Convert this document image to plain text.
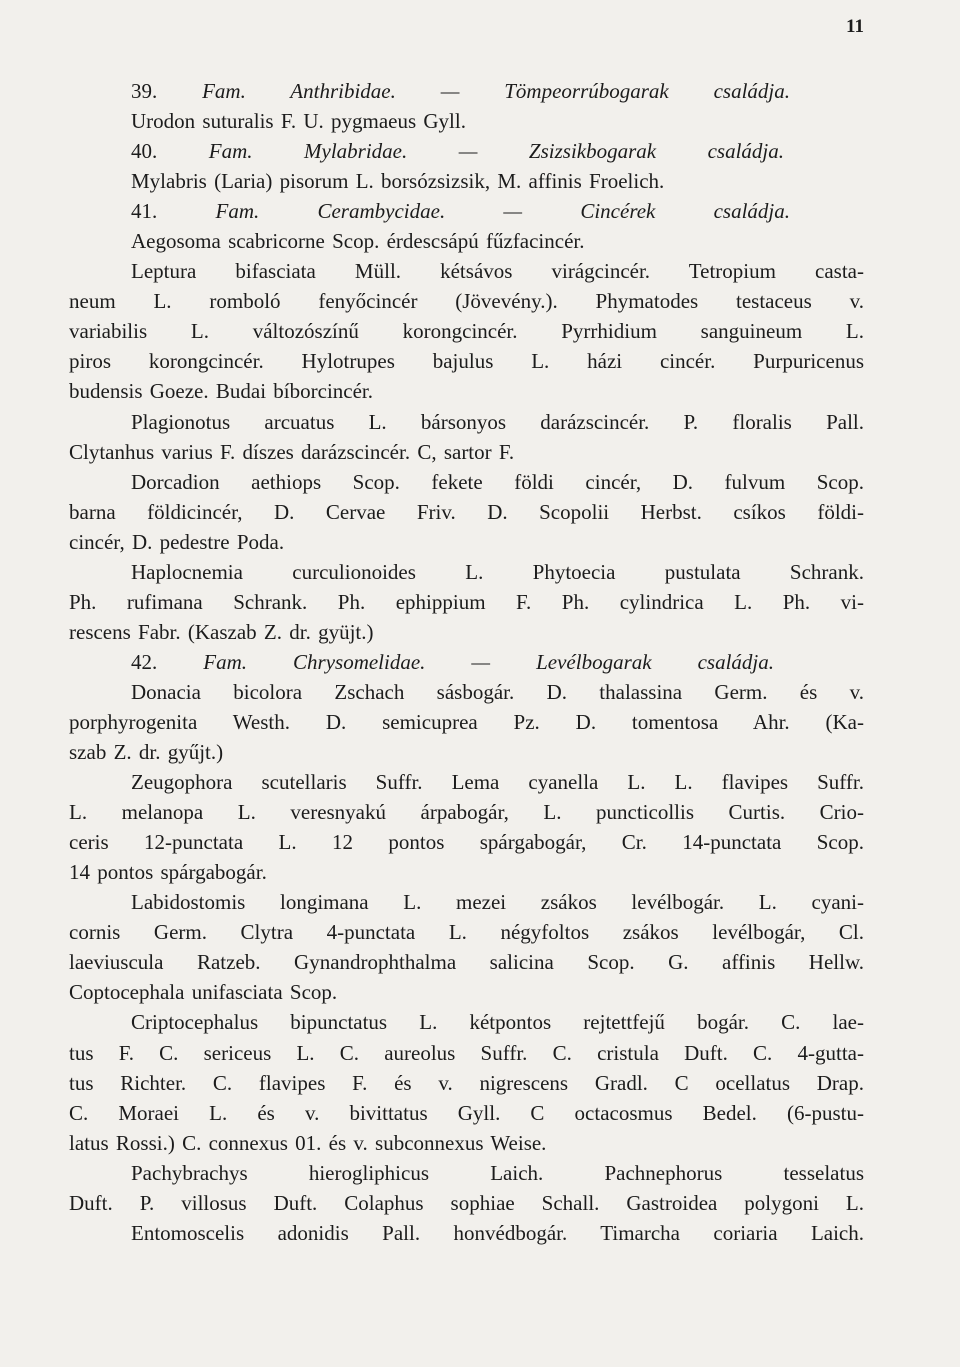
11
39. Fam. Anthribidae. — Tömpeorrúbogarak családja.
Urodon suturalis F. U. pygmaeus Gyll.
40. Fam. Mylabridae. — Zsizsikbogarak családja.
Mylabris (Laria) pisorum L. borsózsizsik, M. affinis Froelich.
41. Fam. Cerambycidae. — Cincérek családja.
Aegosoma scabricorne Scop. érdescsápú fűzfacincér.
Leptura bifasciata Müll. kétsávos virágcincér. Tetropium casta-
neum L. romboló fenyőcincér (Jövevény.). Phymatodes testaceus v.
variabilis L. változószínű korongcincér. Pyrrhidium sanguineum L.
piros korongcincér. Hylotrupes bajulus L. házi cincér. Purpuricenus
budensis Goeze. Budai bíborcincér.
Plagionotus arcuatus L. bársonyos darázscincér. P. floralis Pall.
Clytanhus varius F. díszes darázscincér. C, sartor F.
Dorcadion aethiops Scop. fekete földi cincér, D. fulvum Scop.
barna földicincér, D. Cervae Friv. D. Scopolii Herbst. csíkos földi-
cincér, D. pedestre Poda.
Haplocnemia curculionoides L. Phytoecia pustulata Schrank.
Ph. rufimana Schrank. Ph. ephippium F. Ph. cylindrica L. Ph. vi-
rescens Fabr. (Kaszab Z. dr. gyüjt.)
42. Fam. Chrysomelidae. — Levélbogarak családja.
Donacia bicolora Zschach sásbogár. D. thalassina Germ. és v.
porphyrogenita Westh. D. semicuprea Pz. D. tomentosa Ahr. (Ka-
szab Z. dr. gyűjt.)
Zeugophora scutellaris Suffr. Lema cyanella L. L. flavipes Suffr.
L. melanopa L. veresnyakú árpabogár, L. puncticollis Curtis. Crio-
ceris 12-punctata L. 12 pontos spárgabogár, Cr. 14-punctata Scop.
14 pontos spárgabogár.
Labidostomis longimana L. mezei zsákos levélbogár. L. cyani-
cornis Germ. Clytra 4-punctata L. négyfoltos zsákos levélbogár, Cl.
laeviuscula Ratzeb. Gynandrophthalma salicina Scop. G. affinis Hellw.
Coptocephala unifasciata Scop.
Criptocephalus bipunctatus L. kétpontos rejtettfejű bogár. C. lae-
tus F. C. sericeus L. C. aureolus Suffr. C. cristula Duft. C. 4-gutta-
tus Richter. C. flavipes F. és v. nigrescens Gradl. C ocellatus Drap.
C. Moraei L. és v. bivittatus Gyll. C octacosmus Bedel. (6-pustu-
latus Rossi.) C. connexus 01. és v. subconnexus Weise.
Pachybrachys hierogliphicus Laich. Pachnephorus tesselatus
Duft. P. villosus Duft. Colaphus sophiae Schall. Gastroidea polygoni L.
Entomoscelis adonidis Pall. honvédbogár. Timarcha coriaria Laich.
